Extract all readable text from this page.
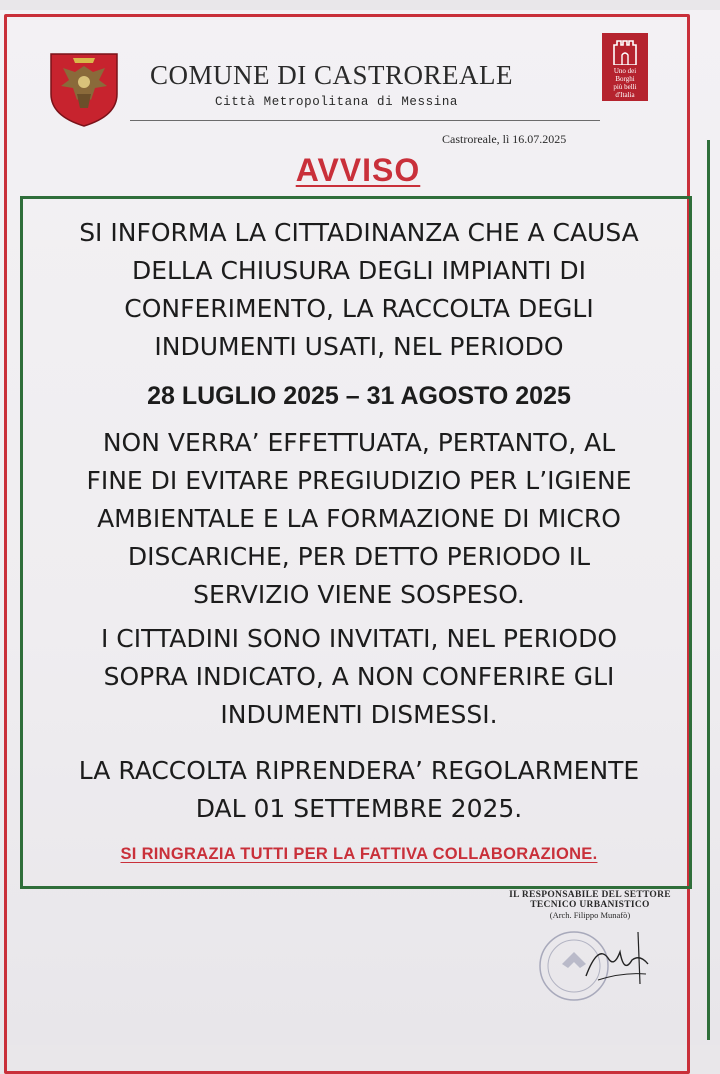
Uno dei
Borghi
più belli
d'Italia
COMUNE DI CASTROREALE
Città Metropolitana di Messina
Castroreale, lì 16.07.2025
AVVISO
SI INFORMA LA CITTADINANZA CHE A CAUSA
DELLA CHIUSURA DEGLI IMPIANTI DI
CONFERIMENTO, LA RACCOLTA DEGLI
INDUMENTI USATI, NEL PERIODO
28 LUGLIO 2025 – 31 AGOSTO 2025
NON VERRA’ EFFETTUATA, PERTANTO, AL
FINE DI EVITARE PREGIUDIZIO PER L’IGIENE
AMBIENTALE E LA FORMAZIONE DI MICRO
DISCARICHE, PER DETTO PERIODO IL
SERVIZIO VIENE SOSPESO.
I CITTADINI SONO INVITATI, NEL PERIODO
SOPRA INDICATO, A NON CONFERIRE GLI
INDUMENTI DISMESSI.
LA RACCOLTA RIPRENDERA’ REGOLARMENTE
DAL 01 SETTEMBRE 2025.
SI RINGRAZIA TUTTI PER LA FATTIVA COLLABORAZIONE.
IL RESPONSABILE DEL SETTORE
TECNICO URBANISTICO
(Arch. Filippo Munafò)
